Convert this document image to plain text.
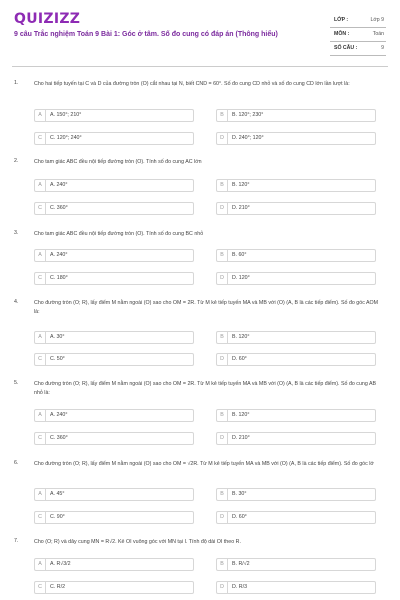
QUIZIZZ
9 câu Trắc nghiệm Toán 9 Bài 1: Góc ở tâm. Số đo cung có đáp án (Thông hiểu)
LỚP :	Lớp 9
MÔN :	Toán
SỐ CÂU :	9
1.	Cho hai tiếp tuyến tại C và D của đường tròn (O) cắt nhau tại N, biết CND = 60°. Số đo cung CD nhỏ và số đo cung CD lớn lần lượt là:
A	A. 150°; 210°	B	B. 120°; 230°
C	C. 120°; 240°	D	D. 240°; 120°
2.	Cho tam giác ABC đều nội tiếp đường tròn (O). Tính số đo cung AC lớn
A	A. 240°	B	B. 120°
C	C. 360°	D	D. 210°
3.	Cho tam giác ABC đều nội tiếp đường tròn (O). Tính số đo cung BC nhỏ
A	A. 240°	B	B. 60°
C	C. 180°	D	D. 120°
4.	Cho đường tròn (O; R), lấy điểm M nằm ngoài (O) sao cho OM = 2R. Từ M kẻ tiếp tuyến MA và MB với (O) (A, B là các tiếp điểm). Số đo góc AOM là:
A	A. 30°	B	B. 120°
C	C. 50°	D	D. 60°
5.	Cho đường tròn (O; R), lấy điểm M nằm ngoài (O) sao cho OM = 2R. Từ M kẻ tiếp tuyến MA và MB với (O) (A, B là các tiếp điểm). Số đo cung AB nhỏ là:
A	A. 240°	B	B. 120°
C	C. 360°	D	D. 210°
6.	Cho đường tròn (O; R), lấy điểm M nằm ngoài (O) sao cho OM = √2R. Từ M kẻ tiếp tuyến MA và MB với (O) (A, B là các tiếp điểm). Số đo góc lớ
A	A. 45°	B	B. 30°
C	C. 90°	D	D. 60°
7.	Cho (O; R) và dây cung MN = R√2. Kẻ OI vuông góc với MN tại I. Tính độ dài OI theo R.
A	A. R√3/2	B	B. R/√2
C	C. R/2	D	D. R/3
